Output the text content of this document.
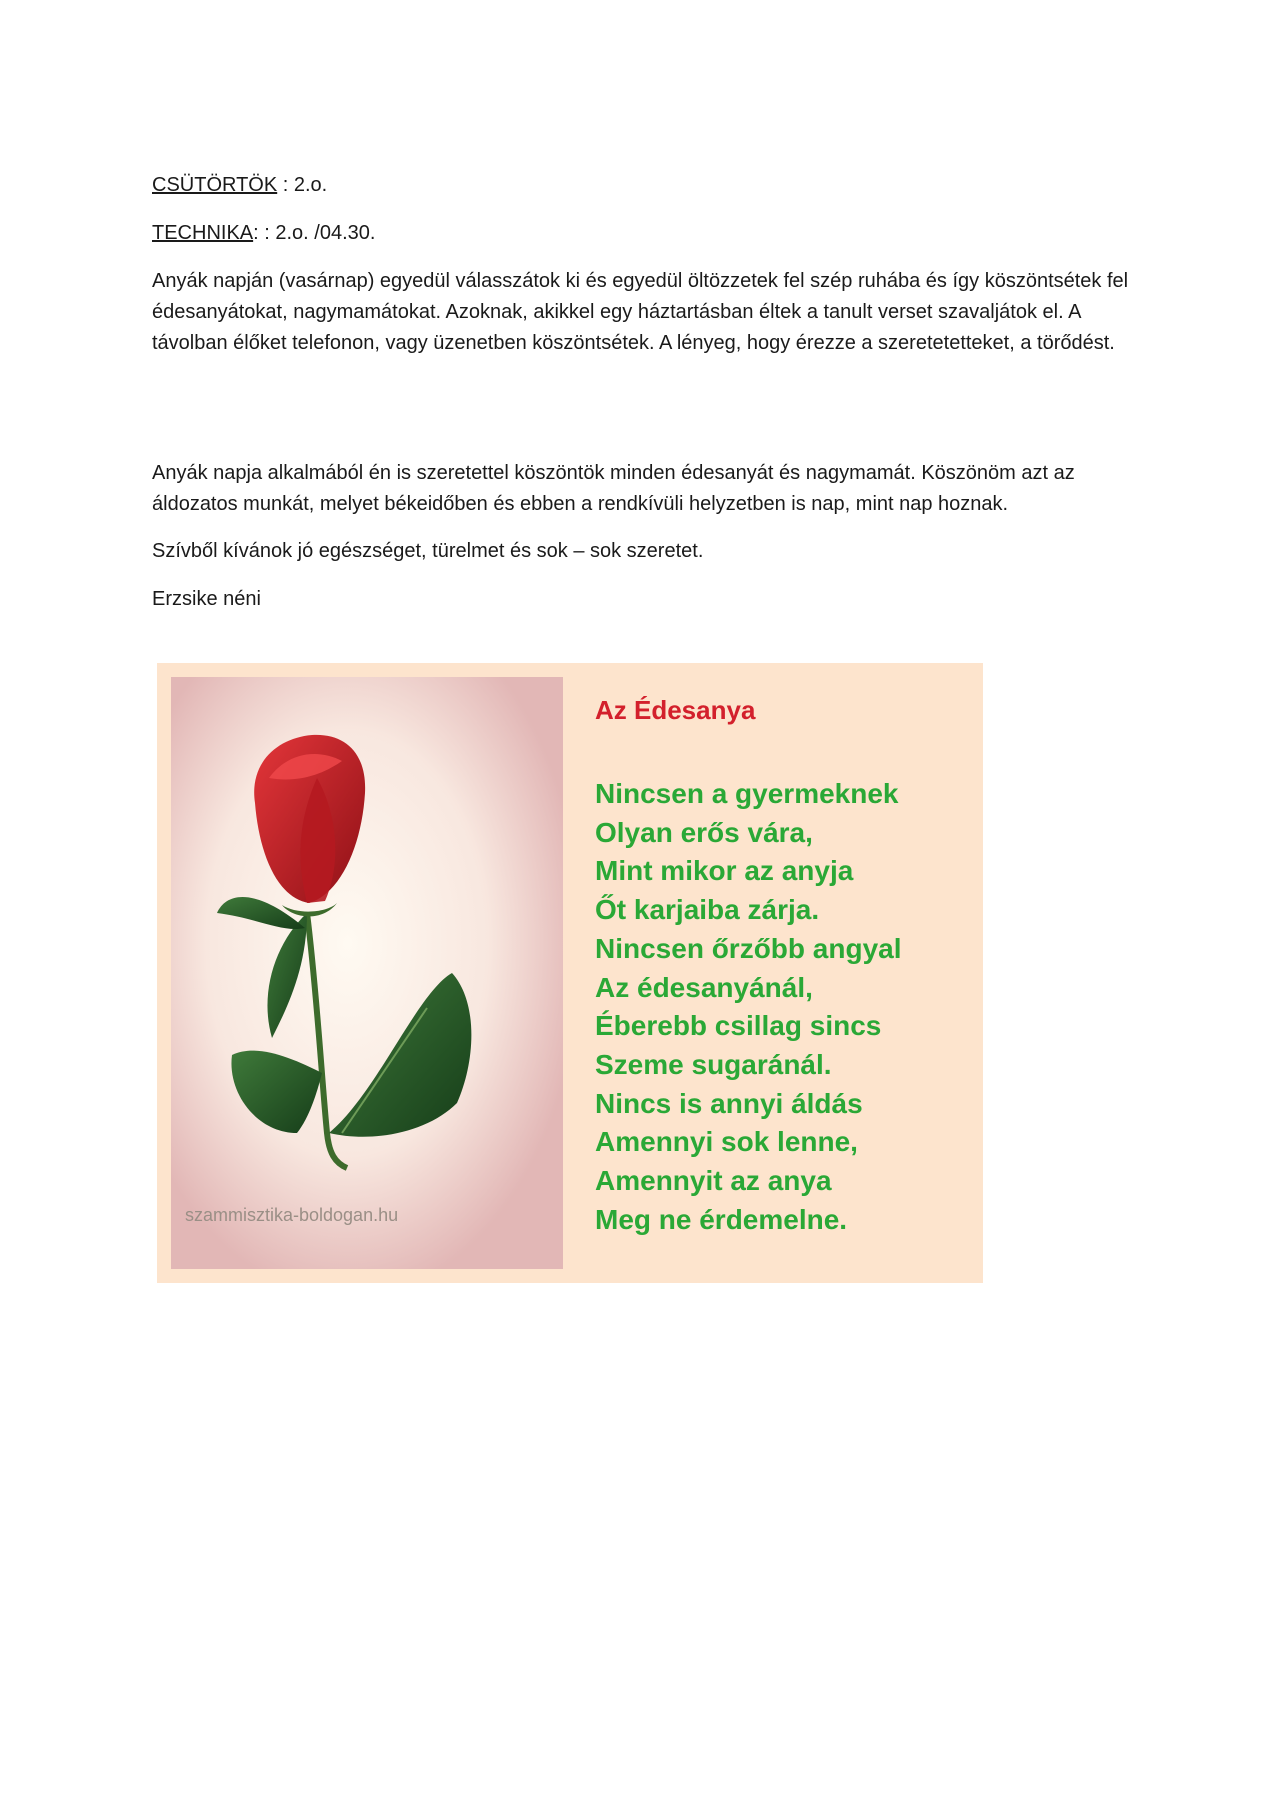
CSÜTÖRTÖK : 2.o.

TECHNIKA: : 2.o. /04.30.

Anyák napján (vasárnap) egyedül válasszátok ki és egyedül öltözzetek fel szép ruhába és így köszöntsétek fel édesanyátokat, nagymamátokat. Azoknak, akikkel egy háztartásban éltek a tanult verset szavaljátok el. A távolban élőket telefonon, vagy üzenetben köszöntsétek. A lényeg, hogy érezze a szeretetetteket, a törődést.

Anyák napja alkalmából én is szeretettel köszöntök minden édesanyát és nagymamát. Köszönöm azt az áldozatos munkát, melyet békeidőben és ebben a rendkívüli helyzetben is nap, mint nap hoznak.

Szívből kívánok jó egészséget, türelmet és sok – sok szeretet.

Erzsike néni

szammisztika-boldogan.hu
Az Édesanya
Nincsen a gyermeknek
Olyan erős vára,
Mint mikor az anyja
Őt karjaiba zárja.
Nincsen őrzőbb angyal
Az édesanyánál,
Éberebb csillag sincs
Szeme sugaránál.
Nincs is annyi áldás
Amennyi sok lenne,
Amennyit az anya
Meg ne érdemelne.
